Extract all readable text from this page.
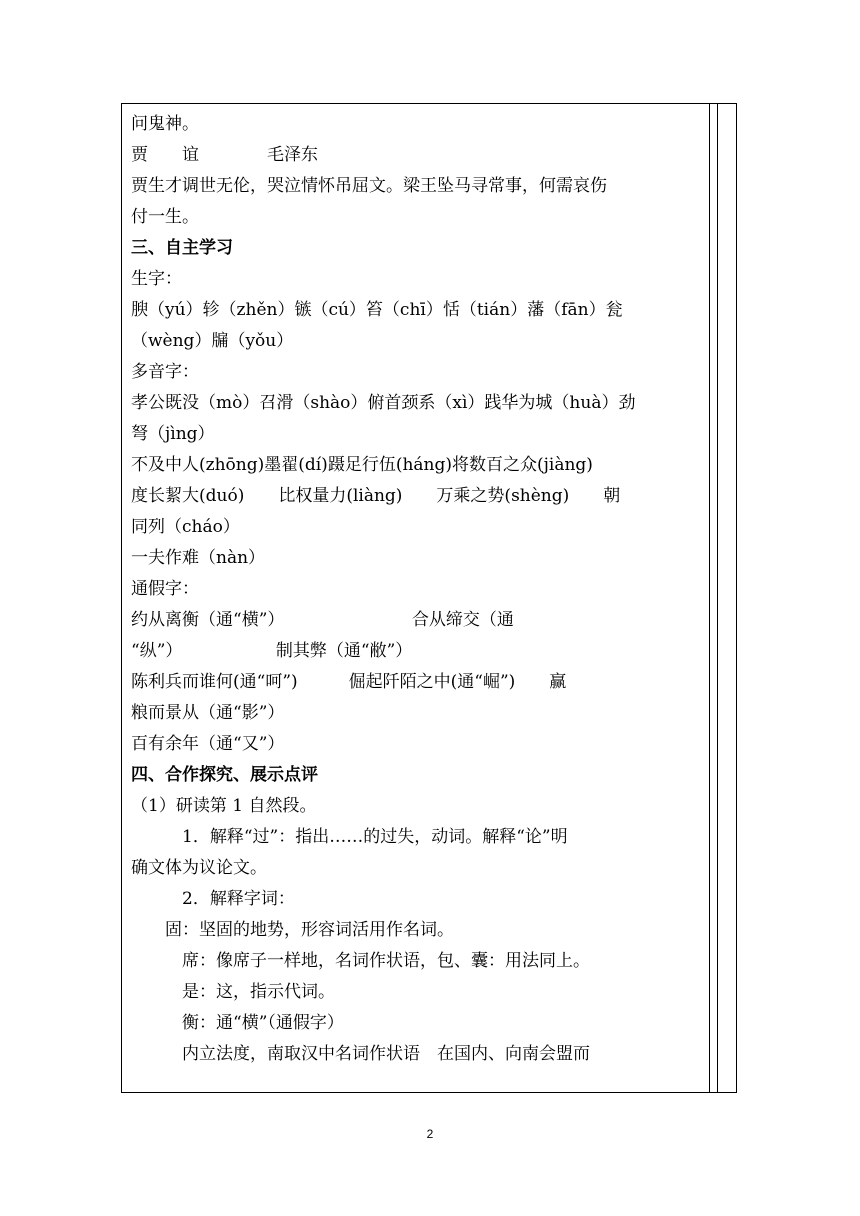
问鬼神。
贾　　谊　　　　毛泽东
贾生才调世无伦，哭泣情怀吊屈文。梁王坠马寻常事，何需哀伤
付一生。
三、自主学习
生字：
腴（yú）轸（zhěn）镞（cú）笞（chī）恬（tián）藩（fān）瓮
（wèng）牖（yǒu）
多音字：
孝公既没（mò）召滑（shào）俯首颈系（xì）践华为城（huà）劲
弩（jìng）
不及中人(zhōng)墨翟(dí)蹑足行伍(háng)将数百之众(jiàng)
度长絜大(duó)　　比权量力(liàng)　　万乘之势(shèng)　　朝
同列（cháo）
一夫作难（nàn）
通假字：
约从离衡（通“横”）　　　　　　　　合从缔交（通
“纵”）　　　　　　制其弊（通“敝”）
陈利兵而谁何(通“呵”)　　　倔起阡陌之中(通“崛”)　　赢
粮而景从（通“影”）
百有余年（通“又”）
四、合作探究、展示点评
（1）研读第 1 自然段。
　　　1．解释“过”：指出……的过失，动词。解释“论”明
确文体为议论文。
　　　2．解释字词：
　　固：坚固的地势，形容词活用作名词。
　　　席：像席子一样地，名词作状语，包、囊：用法同上。
　　　是：这，指示代词。
　　　衡：通“横”（通假字）
　　　内立法度，南取汉中名词作状语　在国内、向南会盟而
2
